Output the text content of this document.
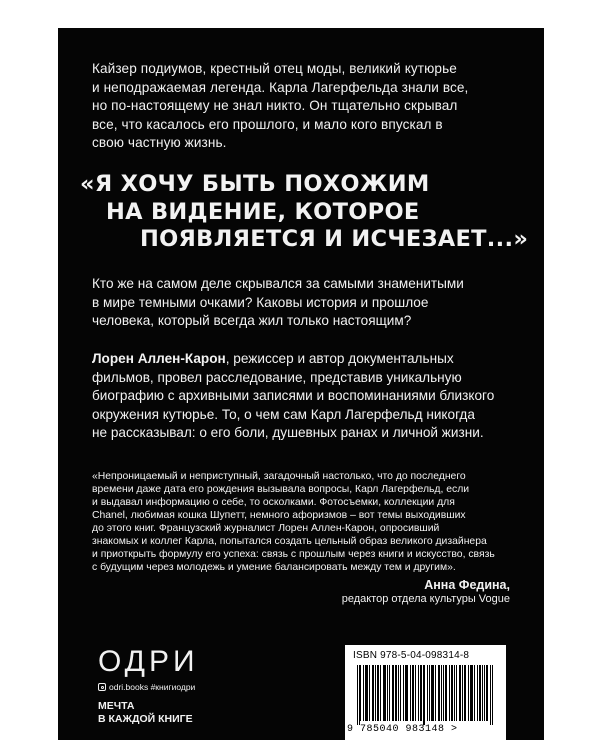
Кайзер подиумов, крестный отец моды, великий кутюрье
и неподражаемая легенда. Карла Лагерфельда знали все,
но по-настоящему не знал никто. Он тщательно скрывал
все, что касалось его прошлого, и мало кого впускал в
свою частную жизнь.
«Я ХОЧУ БЫТЬ ПОХОЖИМ
НА ВИДЕНИЕ, КОТОРОЕ
ПОЯВЛЯЕТСЯ И ИСЧЕЗАЕТ...»
Кто же на самом деле скрывался за самыми знаменитыми
в мире темными очками? Каковы история и прошлое
человека, который всегда жил только настоящим?
Лорен Аллен-Карон, режиссер и автор документальных
фильмов, провел расследование, представив уникальную
биографию с архивными записями и воспоминаниями близкого
окружения кутюрье. То, о чем сам Карл Лагерфельд никогда
не рассказывал: о его боли, душевных ранах и личной жизни.
«Непроницаемый и неприступный, загадочный настолько, что до последнего
времени даже дата его рождения вызывала вопросы, Карл Лагерфельд, если
и выдавал информацию о себе, то осколками. Фотосъемки, коллекции для
Chanel, любимая кошка Шупетт, немного афоризмов – вот темы выходивших
до этого книг. Французский журналист Лорен Аллен-Карон, опросивший
знакомых и коллег Карла, попытался создать цельный образ великого дизайнера
и приоткрыть формулу его успеха: связь с прошлым через книги и искусство, связь
с будущим через молодежь и умение балансировать между тем и другим».
Анна Федина,
редактор отдела культуры Vogue
ОДРИ
odri.books #книгиодри
МЕЧТА
В КАЖДОЙ КНИГЕ
ISBN 978-5-04-098314-8
9 785040 983148 >
